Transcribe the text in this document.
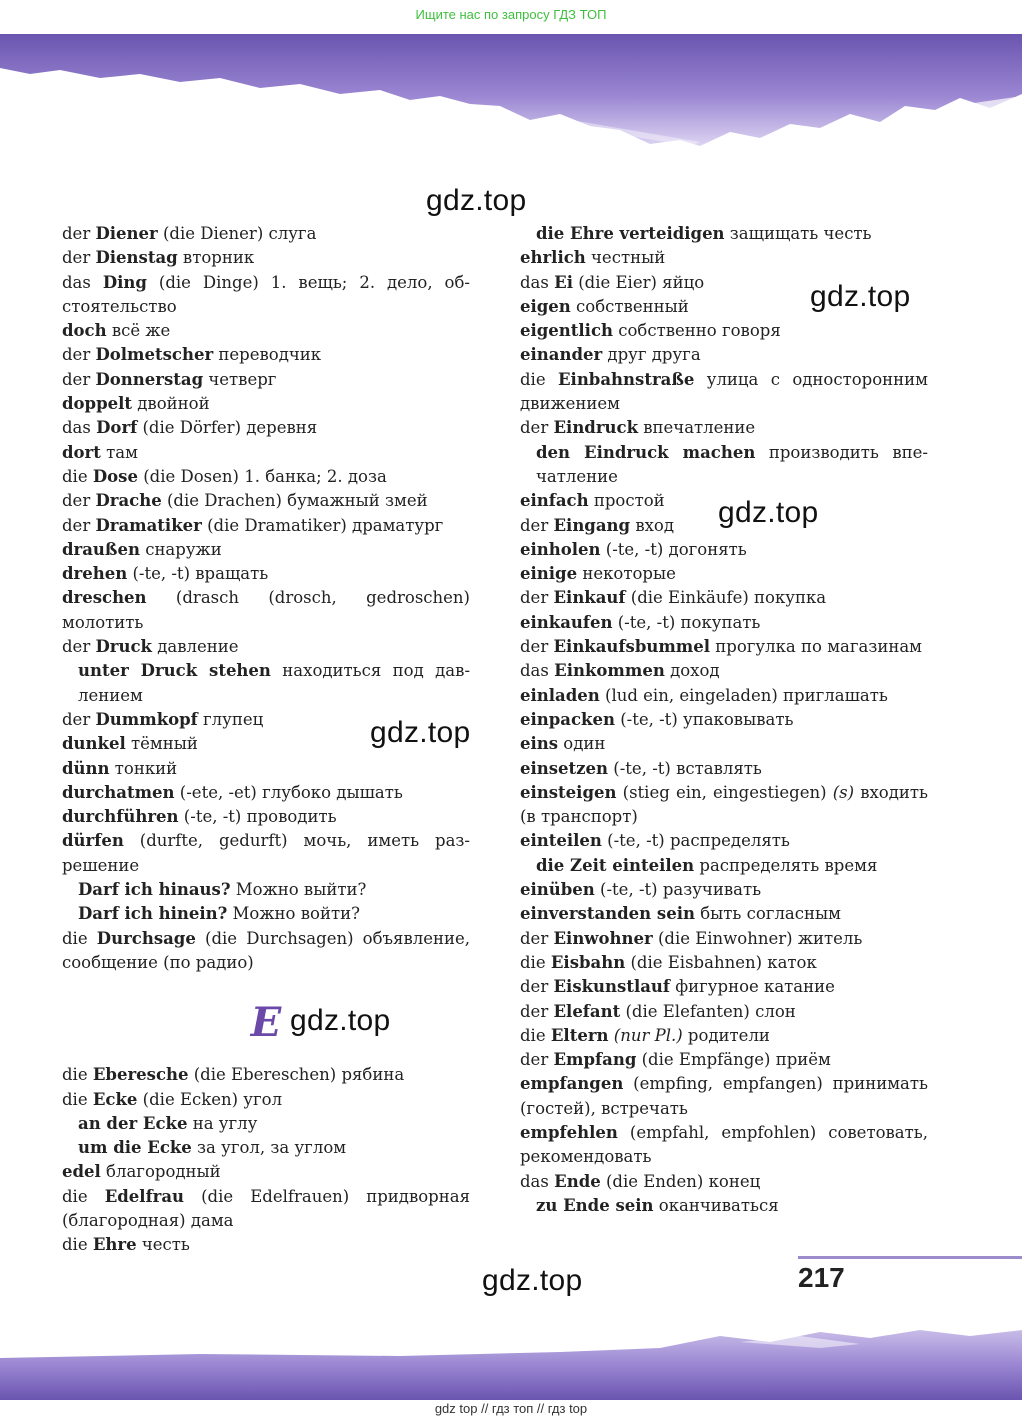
Ищите нас по запросу ГДЗ ТОП

der Diener (die Diener) слуга

der Dienstag вторник

das Ding (die Dinge) 1. вещь; 2. дело, обстоятельство

doch всё же

der Dolmetscher переводчик

der Donnerstag четверг

doppelt двойной

das Dorf (die Dörfer) деревня

dort там

die Dose (die Dosen) 1. банка; 2. доза

der Drache (die Drachen) бумажный змей

der Dramatiker (die Dramatiker) драматург

draußen снаружи

drehen (-te, -t) вращать

dreschen (drasch (drosch, gedroschen) молотить

der Druck давление

unter Druck stehen находиться под давлением

der Dummkopf глупец

dunkel тёмный

dünn тонкий

durchatmen (-ete, -et) глубоко дышать

durchführen (-te, -t) проводить

dürfen (durfte, gedurft) мочь, иметь разрешение

Darf ich hinaus? Можно выйти?

Darf ich hinein? Можно войти?

die Durchsage (die Durchsagen) объявление, сообщение (по радио)

E

die Eberesche (die Ebereschen) рябина

die Ecke (die Ecken) угол

an der Ecke на углу

um die Ecke за угол, за углом

edel благородный

die Edelfrau (die Edelfrauen) придворная (благородная) дама

die Ehre честь

die Ehre verteidigen защищать честь

ehrlich честный

das Ei (die Eier) яйцо

eigen собственный

eigentlich собственно говоря

einander друг друга

die Einbahnstraße улица с односторонним движением

der Eindruck впечатление

den Eindruck machen производить впечатление

einfach простой

der Eingang вход

einholen (-te, -t) догонять

einige некоторые

der Einkauf (die Einkäufe) покупка

einkaufen (-te, -t) покупать

der Einkaufsbummel прогулка по магазинам

das Einkommen доход

einladen (lud ein, eingeladen) приглашать

einpacken (-te, -t) упаковывать

eins один

einsetzen (-te, -t) вставлять

einsteigen (stieg ein, eingestiegen) (s) входить (в транспорт)

einteilen (-te, -t) распределять

die Zeit einteilen распределять время

einüben (-te, -t) разучивать

einverstanden sein быть согласным

der Einwohner (die Einwohner) житель

die Eisbahn (die Eisbahnen) каток

der Eiskunstlauf фигурное катание

der Elefant (die Elefanten) слон

die Eltern (nur Pl.) родители

der Empfang (die Empfänge) приём

empfangen (empfing, empfangen) принимать (гостей), встречать

empfehlen (empfahl, empfohlen) советовать, рекомендовать

das Ende (die Enden) конец

zu Ende sein оканчиваться

gdz.top
gdz.top
gdz.top
gdz.top
gdz.top
gdz.top	217
gdz top // гдз топ // гдз top
